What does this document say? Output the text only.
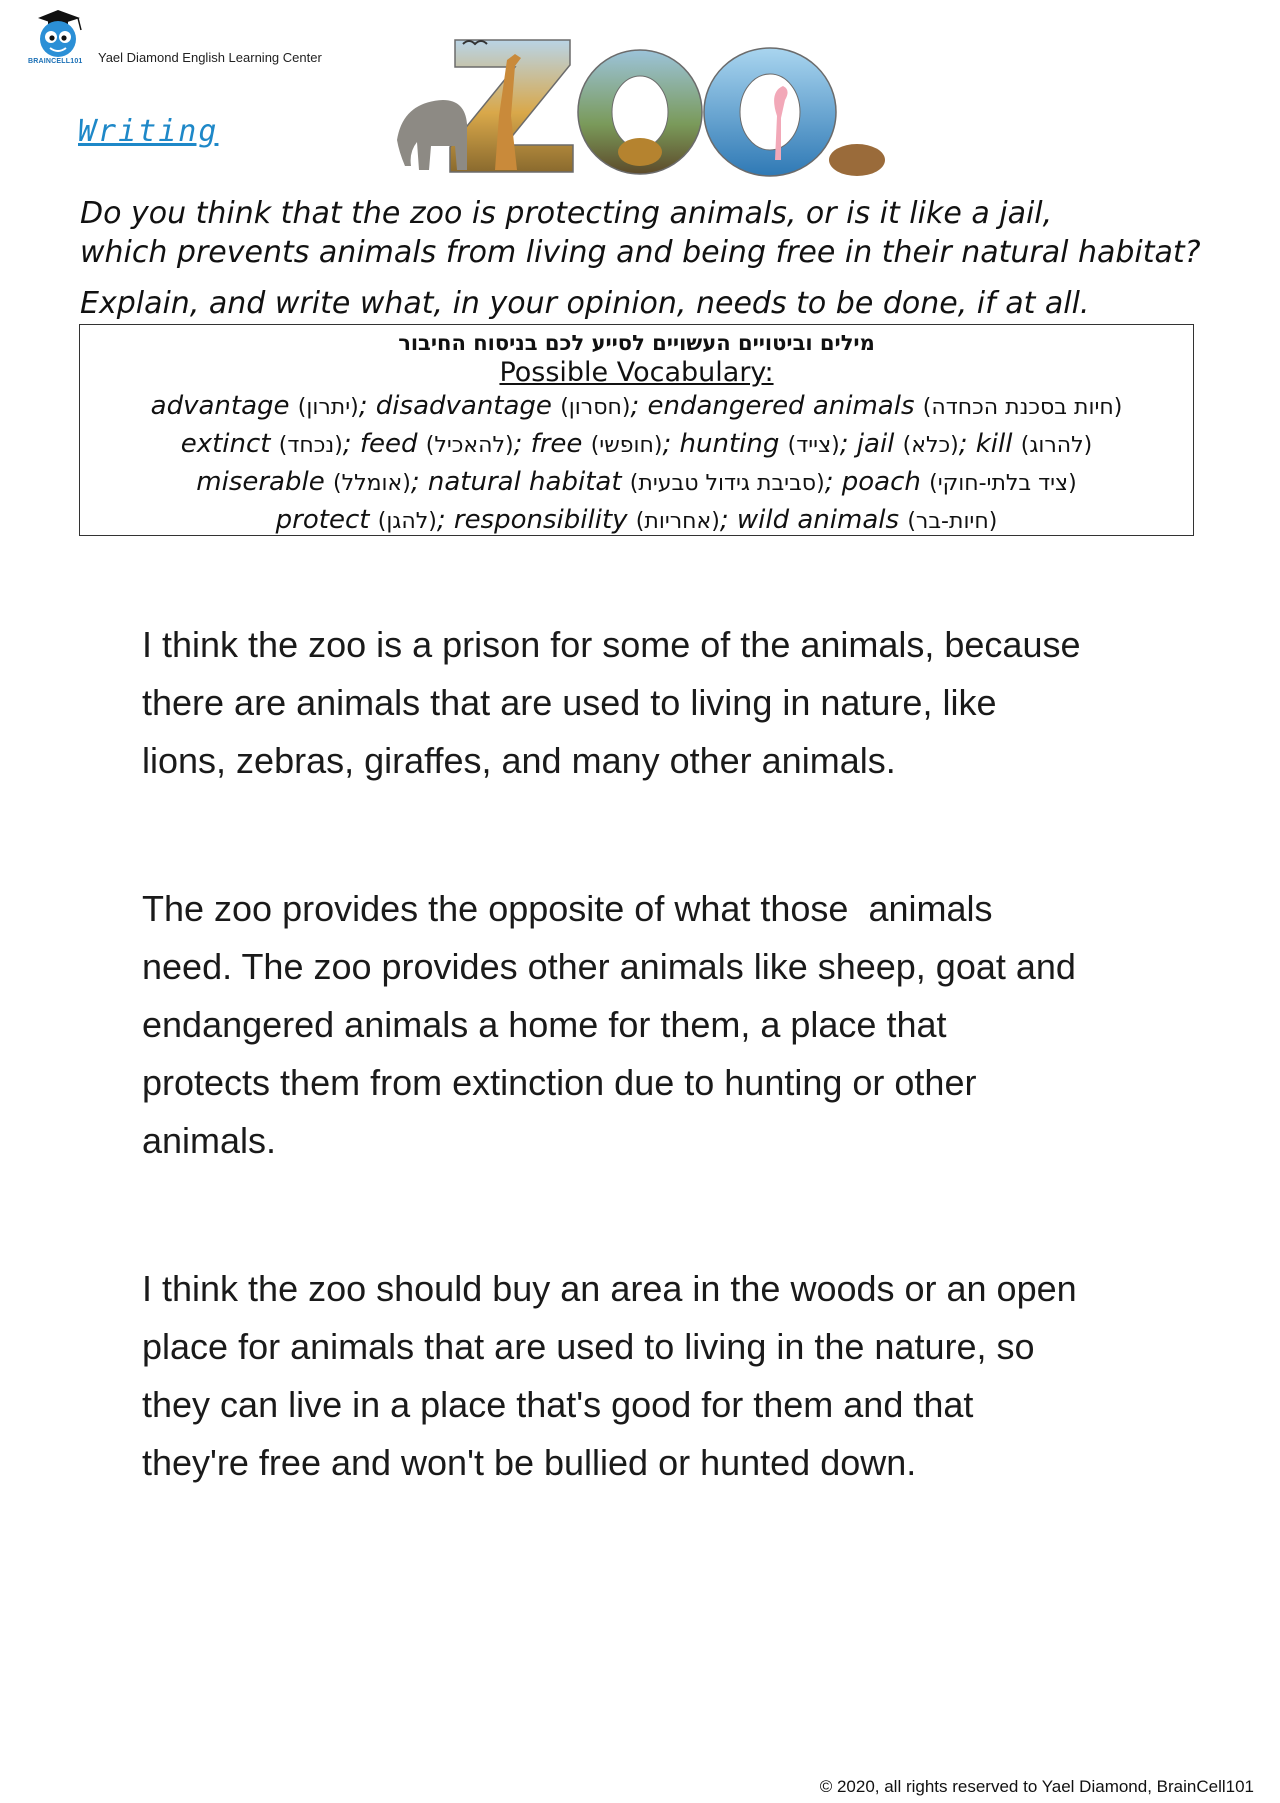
BRAINCELL101 Yael Diamond English Learning Center
Writing
Do you think that the zoo is protecting animals, or is it like a jail,
which prevents animals from living and being free in their natural habitat?
Explain, and write what, in your opinion, needs to be done, if at all.
מילים וביטויים העשויים לסייע לכם בניסוח החיבור
Possible Vocabulary:
advantage (יתרון); disadvantage (חסרון); endangered animals (חיות בסכנת הכחדה)
extinct (נכחד); feed (להאכיל); free (חופשי); hunting (צייד); jail (כלא); kill (להרוג)
miserable (אומלל); natural habitat (סביבת גידול טבעית); poach (ציד בלתי-חוקי)
protect (להגן); responsibility (אחריות); wild animals (חיות-בר)
I think the zoo is a prison for some of the animals, because
there are animals that are used to living in nature, like
lions, zebras, giraffes, and many other animals.
The zoo provides the opposite of what those  animals
need. The zoo provides other animals like sheep, goat and
endangered animals a home for them, a place that
protects them from extinction due to hunting or other
animals.
I think the zoo should buy an area in the woods or an open
place for animals that are used to living in the nature, so
they can live in a place that's good for them and that
they're free and won't be bullied or hunted down.
© 2020, all rights reserved to Yael Diamond, BrainCell101
